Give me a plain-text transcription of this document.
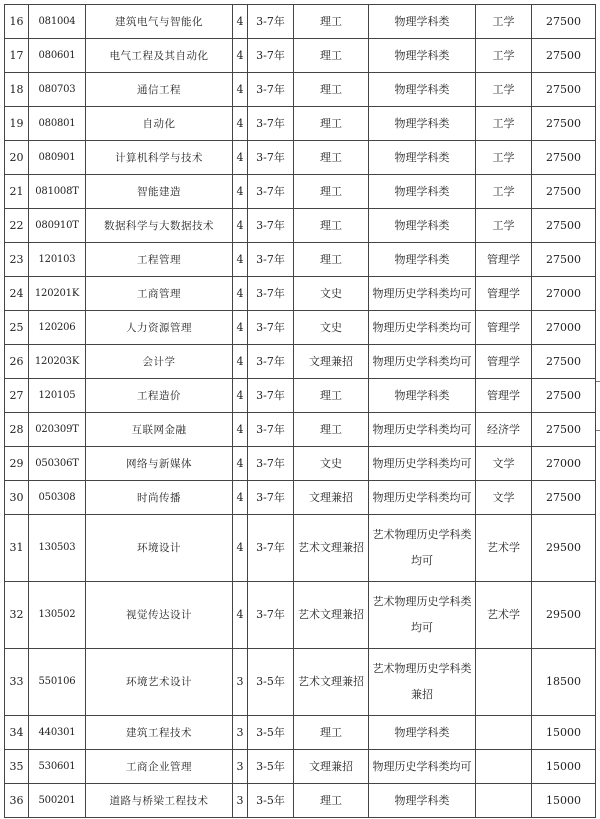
16	081004	建筑电气与智能化	4	3-7年	理工	物理学科类	工学	27500
17	080601	电气工程及其自动化	4	3-7年	理工	物理学科类	工学	27500
18	080703	通信工程	4	3-7年	理工	物理学科类	工学	27500
19	080801	自动化	4	3-7年	理工	物理学科类	工学	27500
20	080901	计算机科学与技术	4	3-7年	理工	物理学科类	工学	27500
21	081008T	智能建造	4	3-7年	理工	物理学科类	工学	27500
22	080910T	数据科学与大数据技术	4	3-7年	理工	物理学科类	工学	27500
23	120103	工程管理	4	3-7年	理工	物理学科类	管理学	27500
24	120201K	工商管理	4	3-7年	文史	物理历史学科类均可	管理学	27000
25	120206	人力资源管理	4	3-7年	文史	物理历史学科类均可	管理学	27000
26	120203K	会计学	4	3-7年	文理兼招	物理历史学科类均可	管理学	27500
27	120105	工程造价	4	3-7年	理工	物理学科类	管理学	27500
28	020309T	互联网金融	4	3-7年	理工	物理历史学科类均可	经济学	27500
29	050306T	网络与新媒体	4	3-7年	文史	物理历史学科类均可	文学	27000
30	050308	时尚传播	4	3-7年	文理兼招	物理历史学科类均可	文学	27500
31	130503	环境设计	4	3-7年	艺术文理兼招	艺术物理历史学科类均可	艺术学	29500
32	130502	视觉传达设计	4	3-7年	艺术文理兼招	艺术物理历史学科类均可	艺术学	29500
33	550106	环境艺术设计	3	3-5年	艺术文理兼招	艺术物理历史学科类兼招		18500
34	440301	建筑工程技术	3	3-5年	理工	物理学科类		15000
35	530601	工商企业管理	3	3-5年	文理兼招	物理历史学科类均可		15000
36	500201	道路与桥梁工程技术	3	3-5年	理工	物理学科类		15000
